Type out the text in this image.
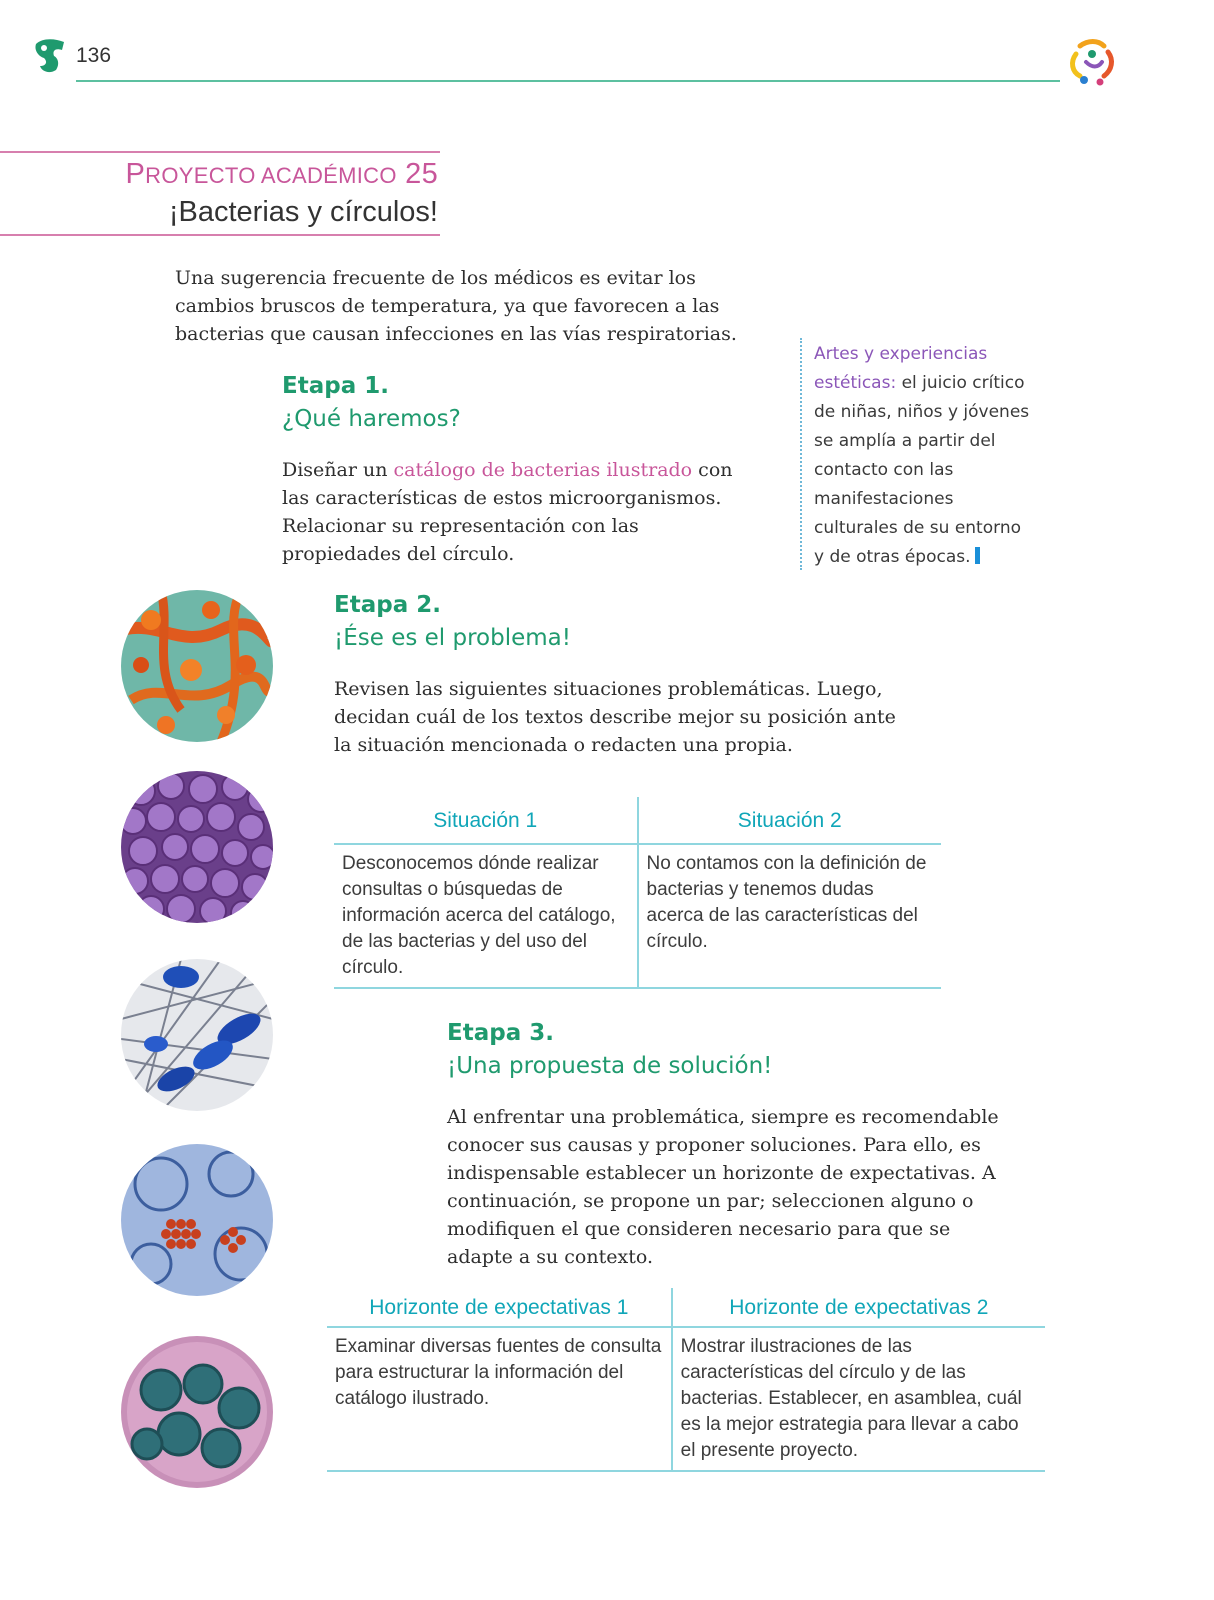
136
PROYECTO ACADÉMICO 25
¡Bacterias y círculos!

Una sugerencia frecuente de los médicos es evitar los cambios bruscos de temperatura, ya que favorecen a las bacterias que causan infecciones en las vías respiratorias.

Artes y experiencias estéticas: el juicio crítico de niñas, niños y jóvenes se amplía a partir del contacto con las manifestaciones culturales de su entorno y de otras épocas.
Etapa 1.
¿Qué haremos?

Diseñar un catálogo de bacterias ilustrado con las características de estos microorganismos. Relacionar su representación con las propiedades del círculo.

Etapa 2.
¡Ése es el problema!

Revisen las siguientes situaciones problemáticas. Luego, decidan cuál de los textos describe mejor su posición ante la situación mencionada o redacten una propia.

Situación 1	Situación 2
Desconocemos dónde realizar consultas o búsquedas de información acerca del catálogo, de las bacterias y del uso del círculo.	No contamos con la definición de bacterias y tenemos dudas acerca de las características del círculo.
Etapa 3.
¡Una propuesta de solución!

Al enfrentar una problemática, siempre es recomendable conocer sus causas y proponer soluciones. Para ello, es indispensable establecer un horizonte de expectativas. A continuación, se propone un par; seleccionen alguno o modifiquen el que consideren necesario para que se adapte a su contexto.

Horizonte de expectativas 1	Horizonte de expectativas 2
Examinar diversas fuentes de consulta para estructurar la información del catálogo ilustrado.	Mostrar ilustraciones de las características del círculo y de las bacterias. Establecer, en asamblea, cuál es la mejor estrategia para llevar a cabo el presente proyecto.
